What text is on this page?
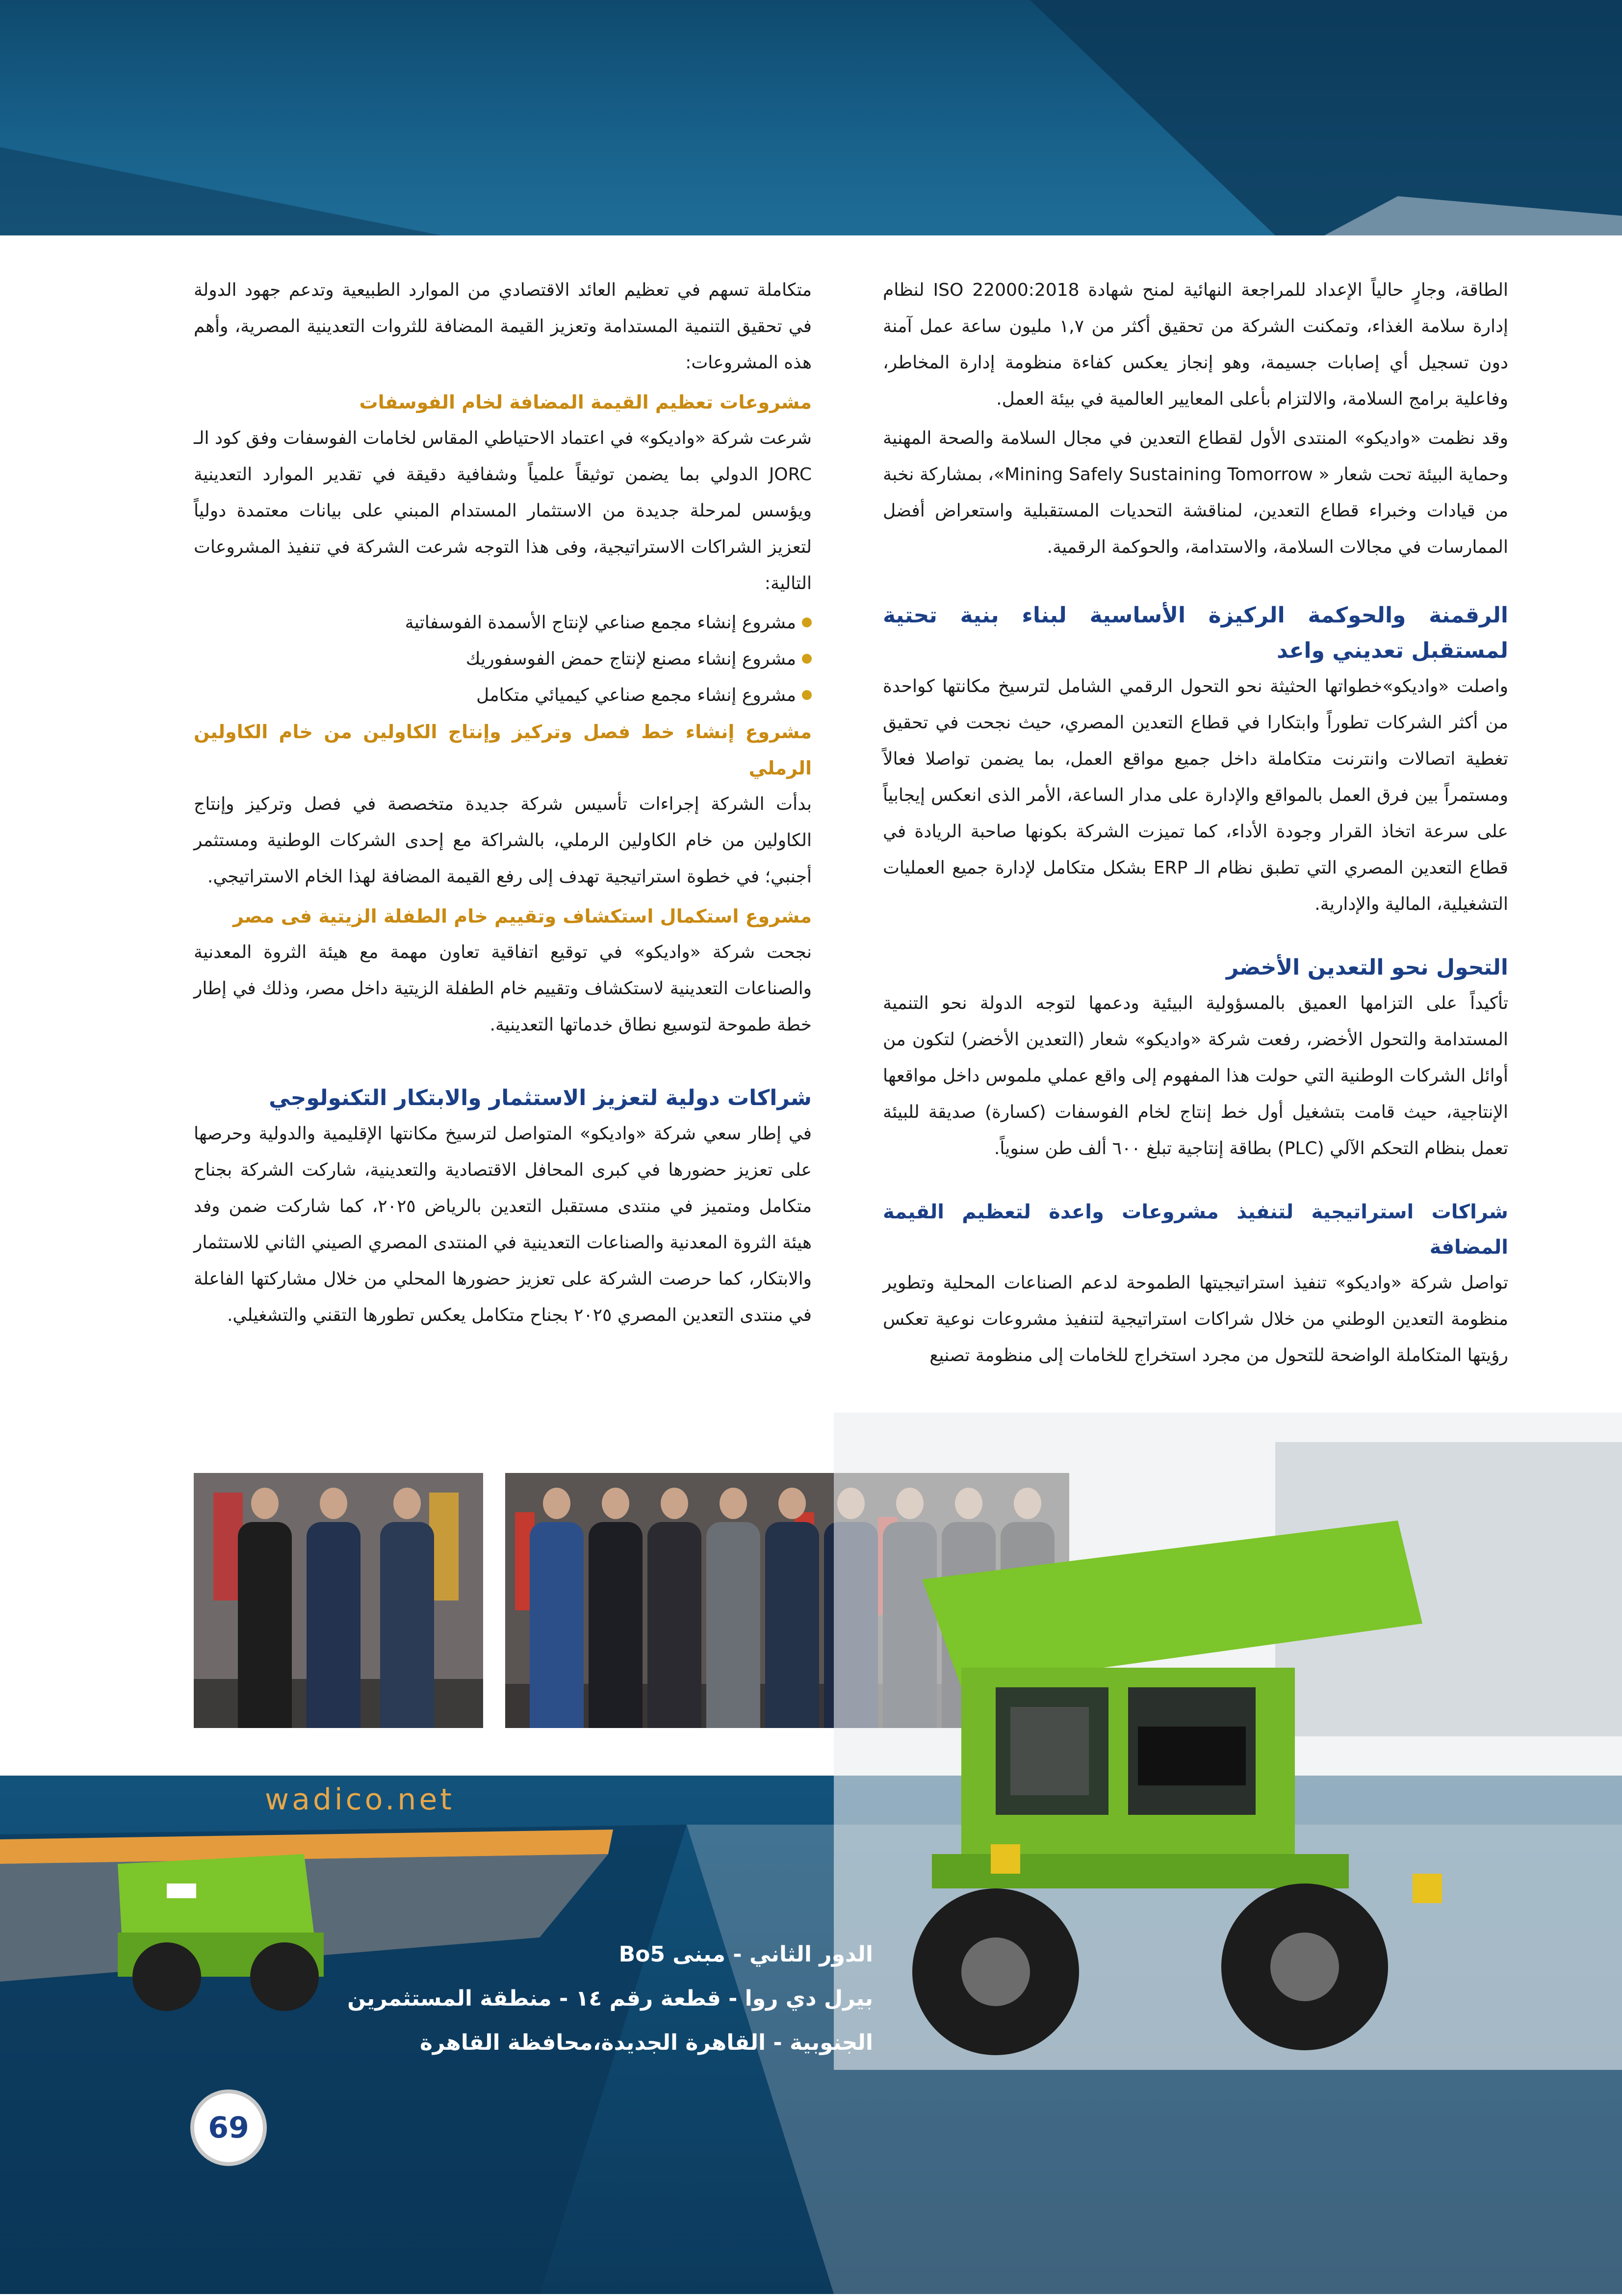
الطاقة، وجارٍ حالياً الإعداد للمراجعة النهائية لمنح شهادة ISO 22000:2018 لنظام إدارة سلامة الغذاء، وتمكنت الشركة من تحقيق أكثر من ١,٧ مليون ساعة عمل آمنة دون تسجيل أي إصابات جسيمة، وهو إنجاز يعكس كفاءة منظومة إدارة المخاطر، وفاعلية برامج السلامة، والالتزام بأعلى المعايير العالمية في بيئة العمل.

وقد نظمت «واديكو» المنتدى الأول لقطاع التعدين في مجال السلامة والصحة المهنية وحماية البيئة تحت شعار « Mining Safely Sustaining Tomorrow»، بمشاركة نخبة من قيادات وخبراء قطاع التعدين، لمناقشة التحديات المستقبلية واستعراض أفضل الممارسات في مجالات السلامة، والاستدامة، والحوكمة الرقمية.

الرقمنة والحوكمة الركيزة الأساسية لبناء بنية تحتية لمستقبل تعديني واعد

واصلت «واديكو»خطواتها الحثيثة نحو التحول الرقمي الشامل لترسيخ مكانتها كواحدة من أكثر الشركات تطوراً وابتكارا في قطاع التعدين المصري، حيث نجحت في تحقيق تغطية اتصالات وانترنت متكاملة داخل جميع مواقع العمل، بما يضمن تواصلا فعالاً ومستمراً بين فرق العمل بالمواقع والإدارة على مدار الساعة، الأمر الذى انعكس إيجابياً على سرعة اتخاذ القرار وجودة الأداء، كما تميزت الشركة بكونها صاحبة الريادة في قطاع التعدين المصري التي تطبق نظام الـ ERP بشكل متكامل لإدارة جميع العمليات التشغيلية، المالية والإدارية.

التحول نحو التعدين الأخضر

تأكيداً على التزامها العميق بالمسؤولية البيئية ودعمها لتوجه الدولة نحو التنمية المستدامة والتحول الأخضر، رفعت شركة «واديكو» شعار (التعدين الأخضر) لتكون من أوائل الشركات الوطنية التي حولت هذا المفهوم إلى واقع عملي ملموس داخل مواقعها الإنتاجية، حيث قامت بتشغيل أول خط إنتاج لخام الفوسفات (كسارة) صديقة للبيئة تعمل بنظام التحكم الآلي (PLC) بطاقة إنتاجية تبلغ ٦٠٠ ألف طن سنوياً.

شراكات استراتيجية لتنفيذ مشروعات واعدة لتعظيم القيمة المضافة

تواصل شركة «واديكو» تنفيذ استراتيجيتها الطموحة لدعم الصناعات المحلية وتطوير منظومة التعدين الوطني من خلال شراكات استراتيجية لتنفيذ مشروعات نوعية تعكس رؤيتها المتكاملة الواضحة للتحول من مجرد استخراج للخامات إلى منظومة تصنيع

متكاملة تسهم في تعظيم العائد الاقتصادي من الموارد الطبيعية وتدعم جهود الدولة في تحقيق التنمية المستدامة وتعزيز القيمة المضافة للثروات التعدينية المصرية، وأهم هذه المشروعات:

مشروعات تعظيم القيمة المضافة لخام الفوسفات

شرعت شركة «واديكو» في اعتماد الاحتياطي المقاس لخامات الفوسفات وفق كود الـ JORC الدولي بما يضمن توثيقاً علمياً وشفافية دقيقة في تقدير الموارد التعدينية ويؤسس لمرحلة جديدة من الاستثمار المستدام المبني على بيانات معتمدة دولياً لتعزيز الشراكات الاستراتيجية، وفى هذا التوجه شرعت الشركة في تنفيذ المشروعات التالية:

مشروع إنشاء مجمع صناعي لإنتاج الأسمدة الفوسفاتية
مشروع إنشاء مصنع لإنتاج حمض الفوسفوريك
مشروع إنشاء مجمع صناعي كيميائي متكامل
مشروع إنشاء خط فصل وتركيز وإنتاج الكاولين من خام الكاولين الرملي

بدأت الشركة إجراءات تأسيس شركة جديدة متخصصة في فصل وتركيز وإنتاج الكاولين من خام الكاولين الرملي، بالشراكة مع إحدى الشركات الوطنية ومستثمر أجنبي؛ في خطوة استراتيجية تهدف إلى رفع القيمة المضافة لهذا الخام الاستراتيجي.

مشروع استكمال استكشاف وتقييم خام الطفلة الزيتية فى مصر

نجحت شركة «واديكو» في توقيع اتفاقية تعاون مهمة مع هيئة الثروة المعدنية والصناعات التعدينية لاستكشاف وتقييم خام الطفلة الزيتية داخل مصر، وذلك في إطار خطة طموحة لتوسيع نطاق خدماتها التعدينية.

شراكات دولية لتعزيز الاستثمار والابتكار التكنولوجي

في إطار سعي شركة «واديكو» المتواصل لترسيخ مكانتها الإقليمية والدولية وحرصها على تعزيز حضورها في كبرى المحافل الاقتصادية والتعدينية، شاركت الشركة بجناح متكامل ومتميز في منتدى مستقبل التعدين بالرياض ٢٠٢٥، كما شاركت ضمن وفد هيئة الثروة المعدنية والصناعات التعدينية في المنتدى المصري الصيني الثاني للاستثمار والابتكار، كما حرصت الشركة على تعزيز حضورها المحلي من خلال مشاركتها الفاعلة في منتدى التعدين المصري ٢٠٢٥ بجناح متكامل يعكس تطورها التقني والتشغيلي.

wadico.net
الدور الثاني - مبنى Bo5
بيرل دي روا - قطعة رقم ١٤ - منطقة المستثمرين
الجنوبية - القاهرة الجديدة،محافظة القاهرة
69
